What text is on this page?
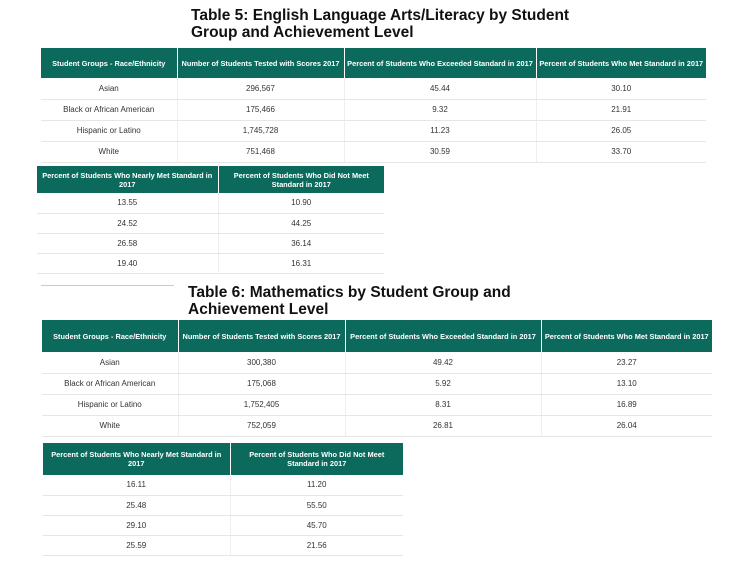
Table 5: English Language Arts/Literacy by Student
Group and Achievement Level
Student Groups - Race/Ethnicity	Number of Students Tested with Scores 2017	Percent of Students Who Exceeded Standard in 2017	Percent of Students Who Met Standard in 2017
Asian	296,567	45.44	30.10
Black or African American	175,466	9.32	21.91
Hispanic or Latino	1,745,728	11.23	26.05
White	751,468	30.59	33.70
Percent of Students Who Nearly Met Standard in 2017	Percent of Students Who Did Not Meet Standard in 2017
13.55	10.90
24.52	44.25
26.58	36.14
19.40	16.31
Table 6: Mathematics by Student Group and
Achievement Level
Student Groups - Race/Ethnicity	Number of Students Tested with Scores 2017	Percent of Students Who Exceeded Standard in 2017	Percent of Students Who Met Standard in 2017
Asian	300,380	49.42	23.27
Black or African American	175,068	5.92	13.10
Hispanic or Latino	1,752,405	8.31	16.89
White	752,059	26.81	26.04
Percent of Students Who Nearly Met Standard in 2017	Percent of Students Who Did Not Meet Standard in 2017
16.11	11.20
25.48	55.50
29.10	45.70
25.59	21.56
